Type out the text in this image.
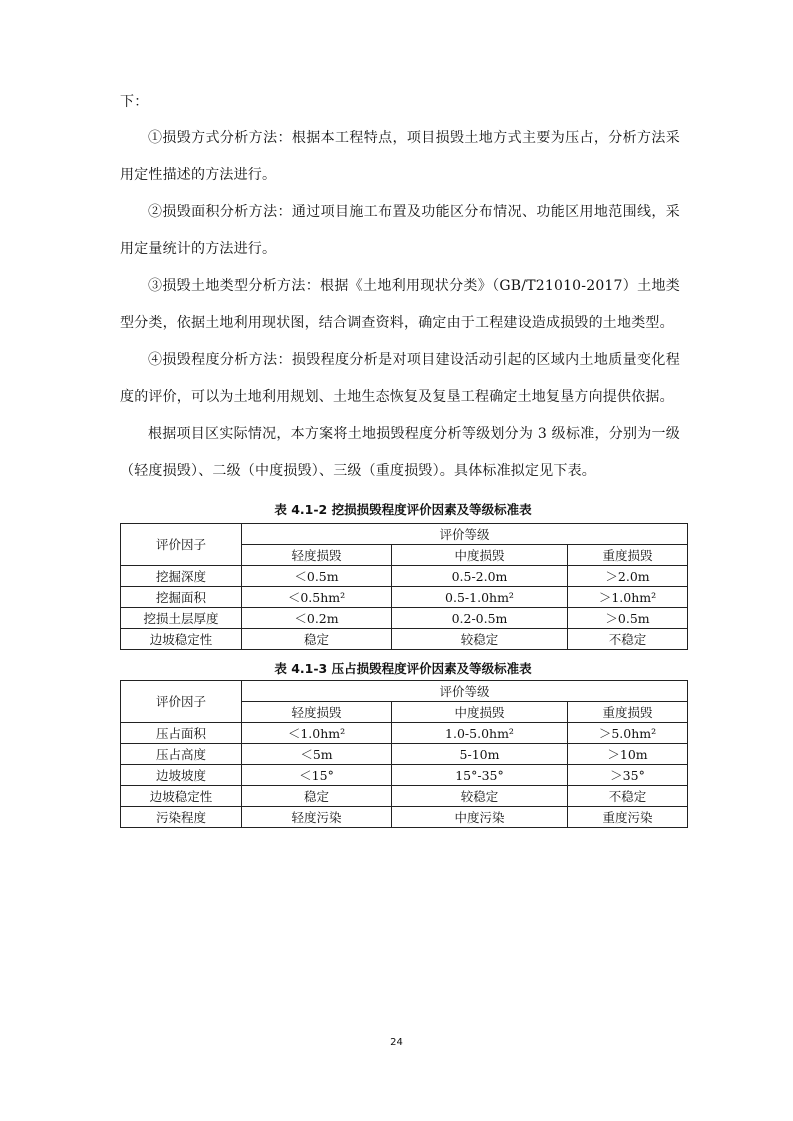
下：
①损毁方式分析方法：根据本工程特点，项目损毁土地方式主要为压占，分析方法采用定性描述的方法进行。
②损毁面积分析方法：通过项目施工布置及功能区分布情况、功能区用地范围线，采用定量统计的方法进行。
③损毁土地类型分析方法：根据《土地利用现状分类》（GB/T21010-2017）土地类型分类，依据土地利用现状图，结合调查资料，确定由于工程建设造成损毁的土地类型。
④损毁程度分析方法：损毁程度分析是对项目建设活动引起的区域内土地质量变化程度的评价，可以为土地利用规划、土地生态恢复及复垦工程确定土地复垦方向提供依据。
根据项目区实际情况，本方案将土地损毁程度分析等级划分为 3 级标准，分别为一级（轻度损毁）、二级（中度损毁）、三级（重度损毁）。具体标准拟定见下表。
表 4.1-2 挖损损毁程度评价因素及等级标准表
评价因子	评价等级		
	轻度损毁	中度损毁	重度损毁
挖掘深度	＜0.5m	0.5-2.0m	＞2.0m
挖掘面积	＜0.5hm²	0.5-1.0hm²	＞1.0hm²
挖损土层厚度	＜0.2m	0.2-0.5m	＞0.5m
边坡稳定性	稳定	较稳定	不稳定
表 4.1-3 压占损毁程度评价因素及等级标准表
评价因子	评价等级		
	轻度损毁	中度损毁	重度损毁
压占面积	＜1.0hm²	1.0-5.0hm²	＞5.0hm²
压占高度	＜5m	5-10m	＞10m
边坡坡度	＜15°	15°-35°	＞35°
边坡稳定性	稳定	较稳定	不稳定
污染程度	轻度污染	中度污染	重度污染
24
